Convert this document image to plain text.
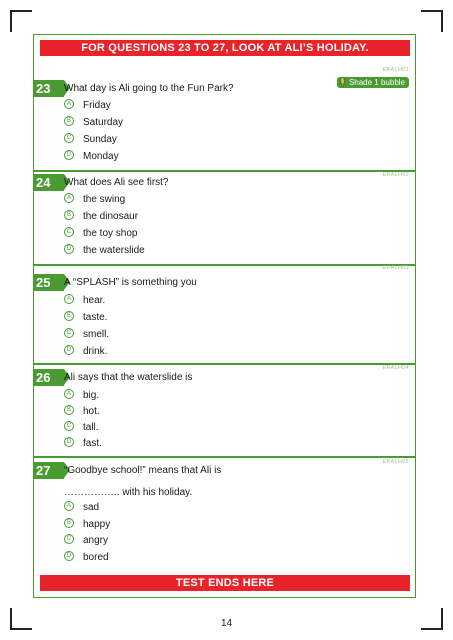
FOR QUESTIONS 23 TO 27, LOOK AT ALI’S HOLIDAY.
ERALH01
Shade 1 bubble
23	What day is Ali going to the Fun Park?
A Friday
B Saturday
C Sunday
D Monday
ERALH02
24	What does Ali see first?
A the swing
B the dinosaur
C the toy shop
D the waterslide
ERALH03
25	A “SPLASH” is something you
A hear.
B taste.
C smell.
D drink.
ERALH04
26	Ali says that the waterslide is
A big.
B hot.
C tall.
D fast.
ERALH05
27	“Goodbye school!” means that Ali is
…………….. with his holiday.
A sad
B happy
C angry
D bored
TEST ENDS HERE
14
